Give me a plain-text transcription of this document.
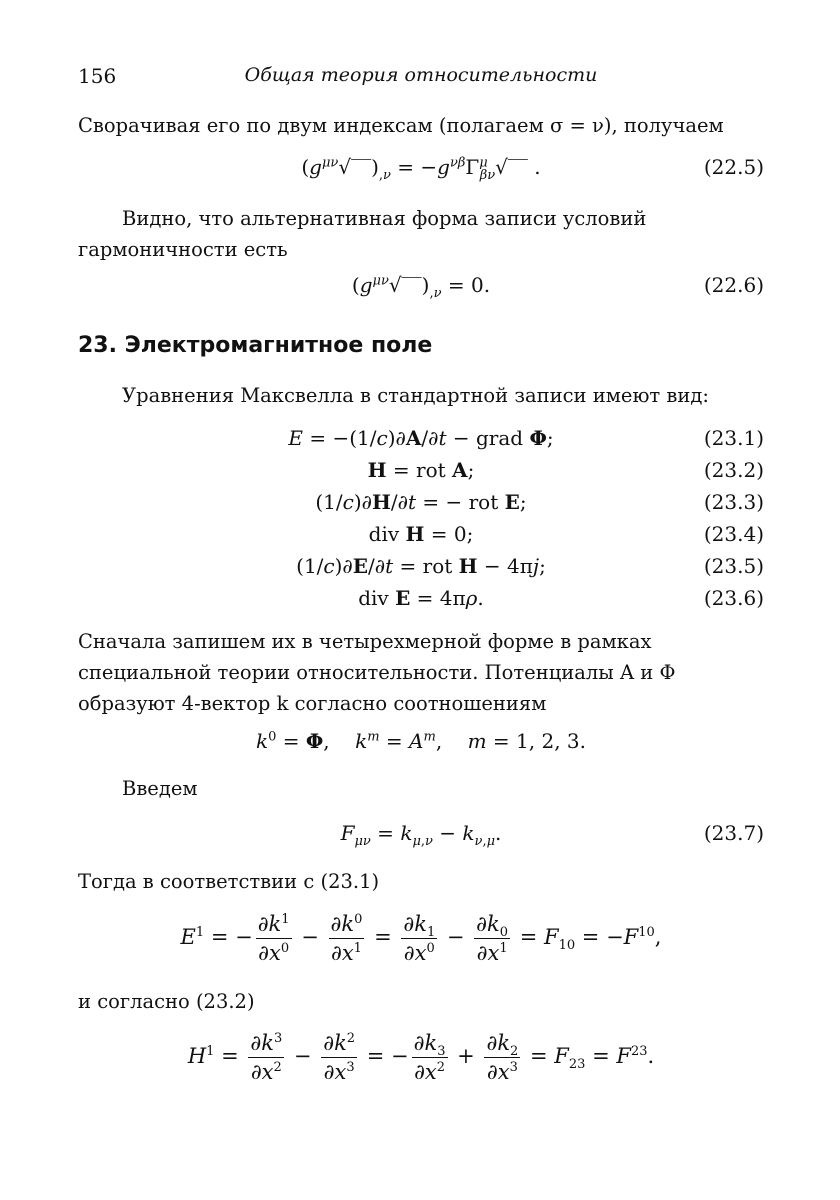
156	Общая теория относительности

Сворачивая его по двум индексам (полагаем σ = ν), получаем

$(g^{\mu\nu}√‾‾)_{,\nu}$ = $-g^{\nu\beta}\Gamma^\mu_{\beta\nu}√‾‾$ .	(22.5)

Видно, что альтернативная форма записи условий гармоничности есть

$(g^{\mu\nu}√‾‾)_{,\nu} = 0$.	(22.6)
23. Электромагнитное поле

Уравнения Максвелла в стандартной записи имеют вид:

E = −(1/c)∂A/∂t − grad Φ;	(23.1)
H = rot A;	(23.2)
(1/c)∂H/∂t = − rot E;	(23.3)
div H = 0;	(23.4)
(1/c)∂E/∂t = rot H − 4πj;	(23.5)
div E = 4πρ.	(23.6)

Сначала запишем их в четырехмерной форме в рамках специальной теории относительности. Потенциалы A и Φ образуют 4-вектор k согласно соотношениям

$k^0 = \Phi$,    $k^m = A^m$,    m = 1, 2, 3.

Введем

$F_{\mu\nu} = k_{\mu,\nu} - k_{\nu,\mu}$.	(23.7)

Тогда в соответствии с (23.1)

$E^1$ = − $\frac{\partial k^1}{\partial x^0} - \frac{\partial k^0}{\partial x^1} = \frac{\partial k_1}{\partial x^0} - \frac{\partial k_0}{\partial x^1} = F_{10} = -F^{10}$,

и согласно (23.2)

$H^1 = \frac{\partial k^3}{\partial x^2} - \frac{\partial k^2}{\partial x^3}$ = − $\frac{\partial k_3}{\partial x^2} + \frac{\partial k_2}{\partial x^3} = F_{23} = F^{23}$.
